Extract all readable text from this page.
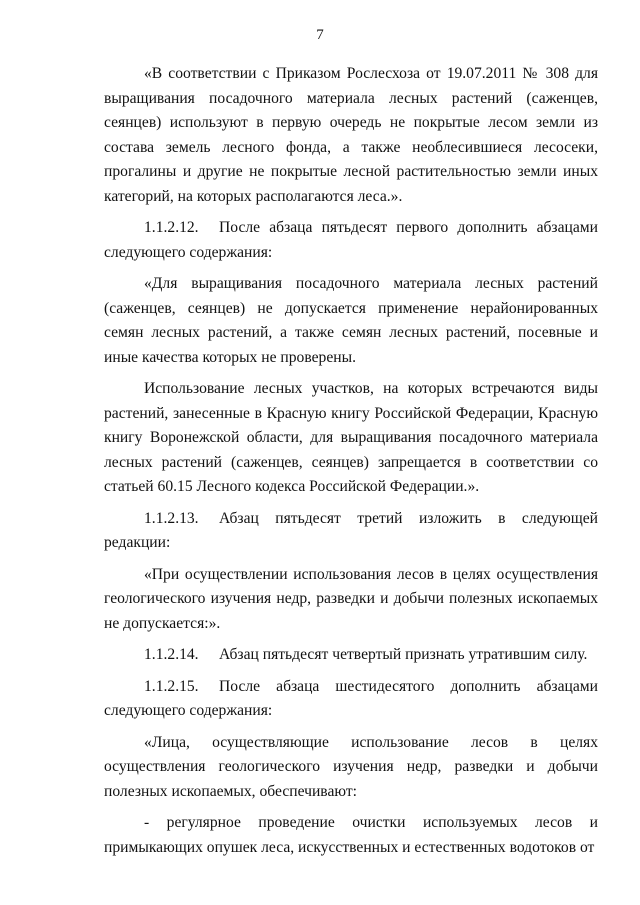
7

«В соответствии с Приказом Рослесхоза от 19.07.2011 № 308 для выращивания посадочного материала лесных растений (саженцев, сеянцев) используют в первую очередь не покрытые лесом земли из состава земель лесного фонда, а также необлесившиеся лесосеки, прогалины и другие не покрытые лесной растительностью земли иных категорий, на которых располагаются леса.».

1.1.2.12. После абзаца пятьдесят первого дополнить абзацами следующего содержания:

«Для выращивания посадочного материала лесных растений (саженцев, сеянцев) не допускается применение нерайонированных семян лесных растений, а также семян лесных растений, посевные и иные качества которых не проверены.

Использование лесных участков, на которых встречаются виды растений, занесенные в Красную книгу Российской Федерации, Красную книгу Воронежской области, для выращивания посадочного материала лесных растений (саженцев, сеянцев) запрещается в соответствии со статьей 60.15 Лесного кодекса Российской Федерации.».

1.1.2.13. Абзац пятьдесят третий изложить в следующей редакции:

«При осуществлении использования лесов в целях осуществления геологического изучения недр, разведки и добычи полезных ископаемых не допускается:».

1.1.2.14. Абзац пятьдесят четвертый признать утратившим силу.

1.1.2.15. После абзаца шестидесятого дополнить абзацами следующего содержания:

«Лица, осуществляющие использование лесов в целях осуществления геологического изучения недр, разведки и добычи полезных ископаемых, обеспечивают:

- регулярное проведение очистки используемых лесов и примыкающих опушек леса, искусственных и естественных водотоков от
